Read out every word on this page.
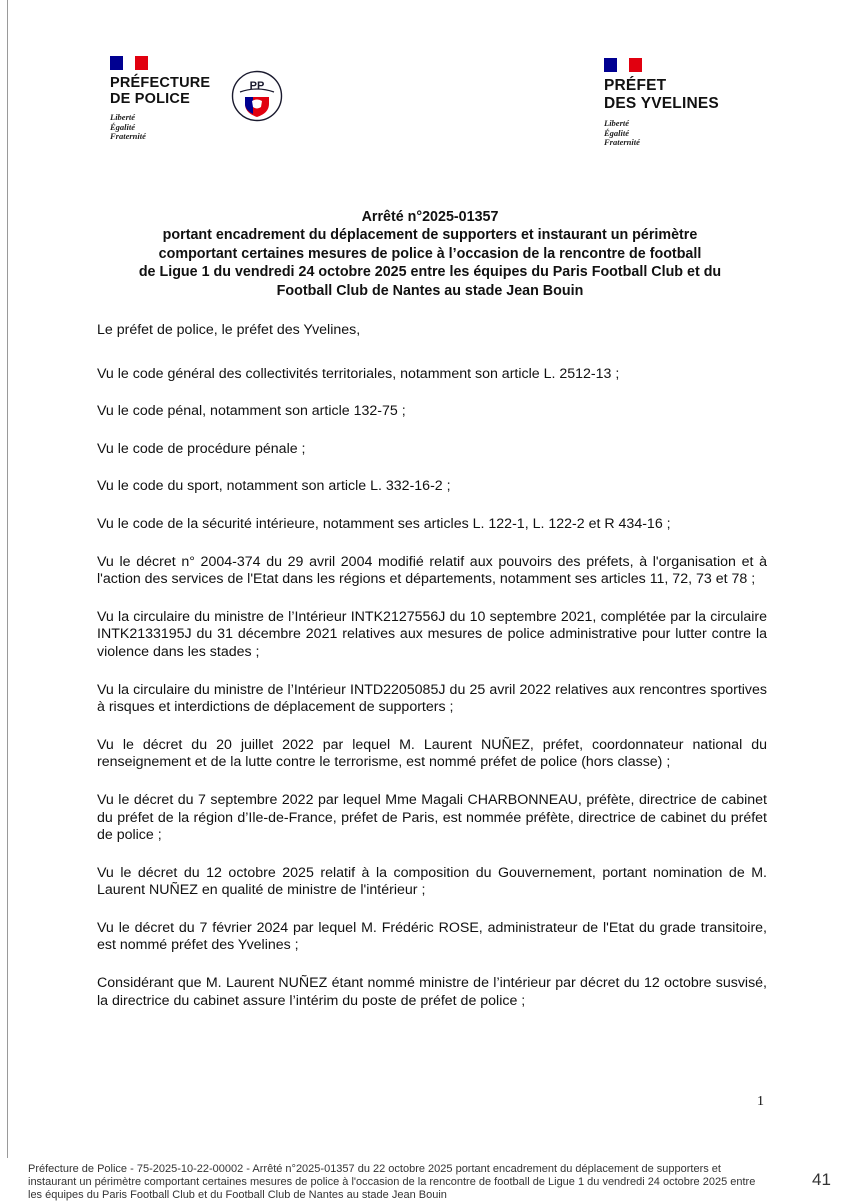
PRÉFECTURE
DE POLICE
Liberté
Égalité
Fraternité
PP	PRÉFET
DES YVELINES
Liberté
Égalité
Fraternité
Arrêté n°2025-01357
portant encadrement du déplacement de supporters et instaurant un périmètre
comportant certaines mesures de police à l’occasion de la rencontre de football
de Ligue 1 du vendredi 24 octobre 2025 entre les équipes du Paris Football Club et du
Football Club de Nantes au stade Jean Bouin

Le préfet de police, le préfet des Yvelines,

Vu le code général des collectivités territoriales, notamment son article L. 2512-13 ;

Vu le code pénal, notamment son article 132-75 ;

Vu le code de procédure pénale ;

Vu le code du sport, notamment son article L. 332-16-2 ;

Vu le code de la sécurité intérieure, notamment ses articles L. 122-1, L. 122-2 et R 434-16 ;

Vu le décret n° 2004-374 du 29 avril 2004 modifié relatif aux pouvoirs des préfets, à l'organisation et à l'action des services de l'Etat dans les régions et départements, notamment ses articles 11, 72, 73 et 78 ;

Vu la circulaire du ministre de l’Intérieur INTK2127556J du 10 septembre 2021, complétée par la circulaire INTK2133195J du 31 décembre 2021 relatives aux mesures de police administrative pour lutter contre la violence dans les stades ;

Vu la circulaire du ministre de l’Intérieur INTD2205085J du 25 avril 2022 relatives aux rencontres sportives à risques et interdictions de déplacement de supporters ;

Vu le décret du 20 juillet 2022 par lequel M. Laurent NUÑEZ, préfet, coordonnateur national du renseignement et de la lutte contre le terrorisme, est nommé préfet de police (hors classe) ;

Vu le décret du 7 septembre 2022 par lequel Mme Magali CHARBONNEAU, préfète, directrice de cabinet du préfet de la région d’Ile-de-France, préfet de Paris, est nommée préfète, directrice de cabinet du préfet de police ;

Vu le décret du 12 octobre 2025 relatif à la composition du Gouvernement, portant nomination de M. Laurent NUÑEZ en qualité de ministre de l'intérieur ;

Vu le décret du 7 février 2024 par lequel M. Frédéric ROSE, administrateur de l'Etat du grade transitoire, est nommé préfet des Yvelines ;

Considérant que M. Laurent NUÑEZ étant nommé ministre de l’intérieur par décret du 12 octobre susvisé, la directrice du cabinet assure l’intérim du poste de préfet de police ;

1
Préfecture de Police - 75-2025-10-22-00002 - Arrêté n°2025-01357 du 22 octobre 2025 portant encadrement du déplacement de supporters et instaurant un périmètre comportant certaines mesures de police à l'occasion de la rencontre de football de Ligue 1 du vendredi 24 octobre 2025 entre les équipes du Paris Football Club et du Football Club de Nantes au stade Jean Bouin
41
